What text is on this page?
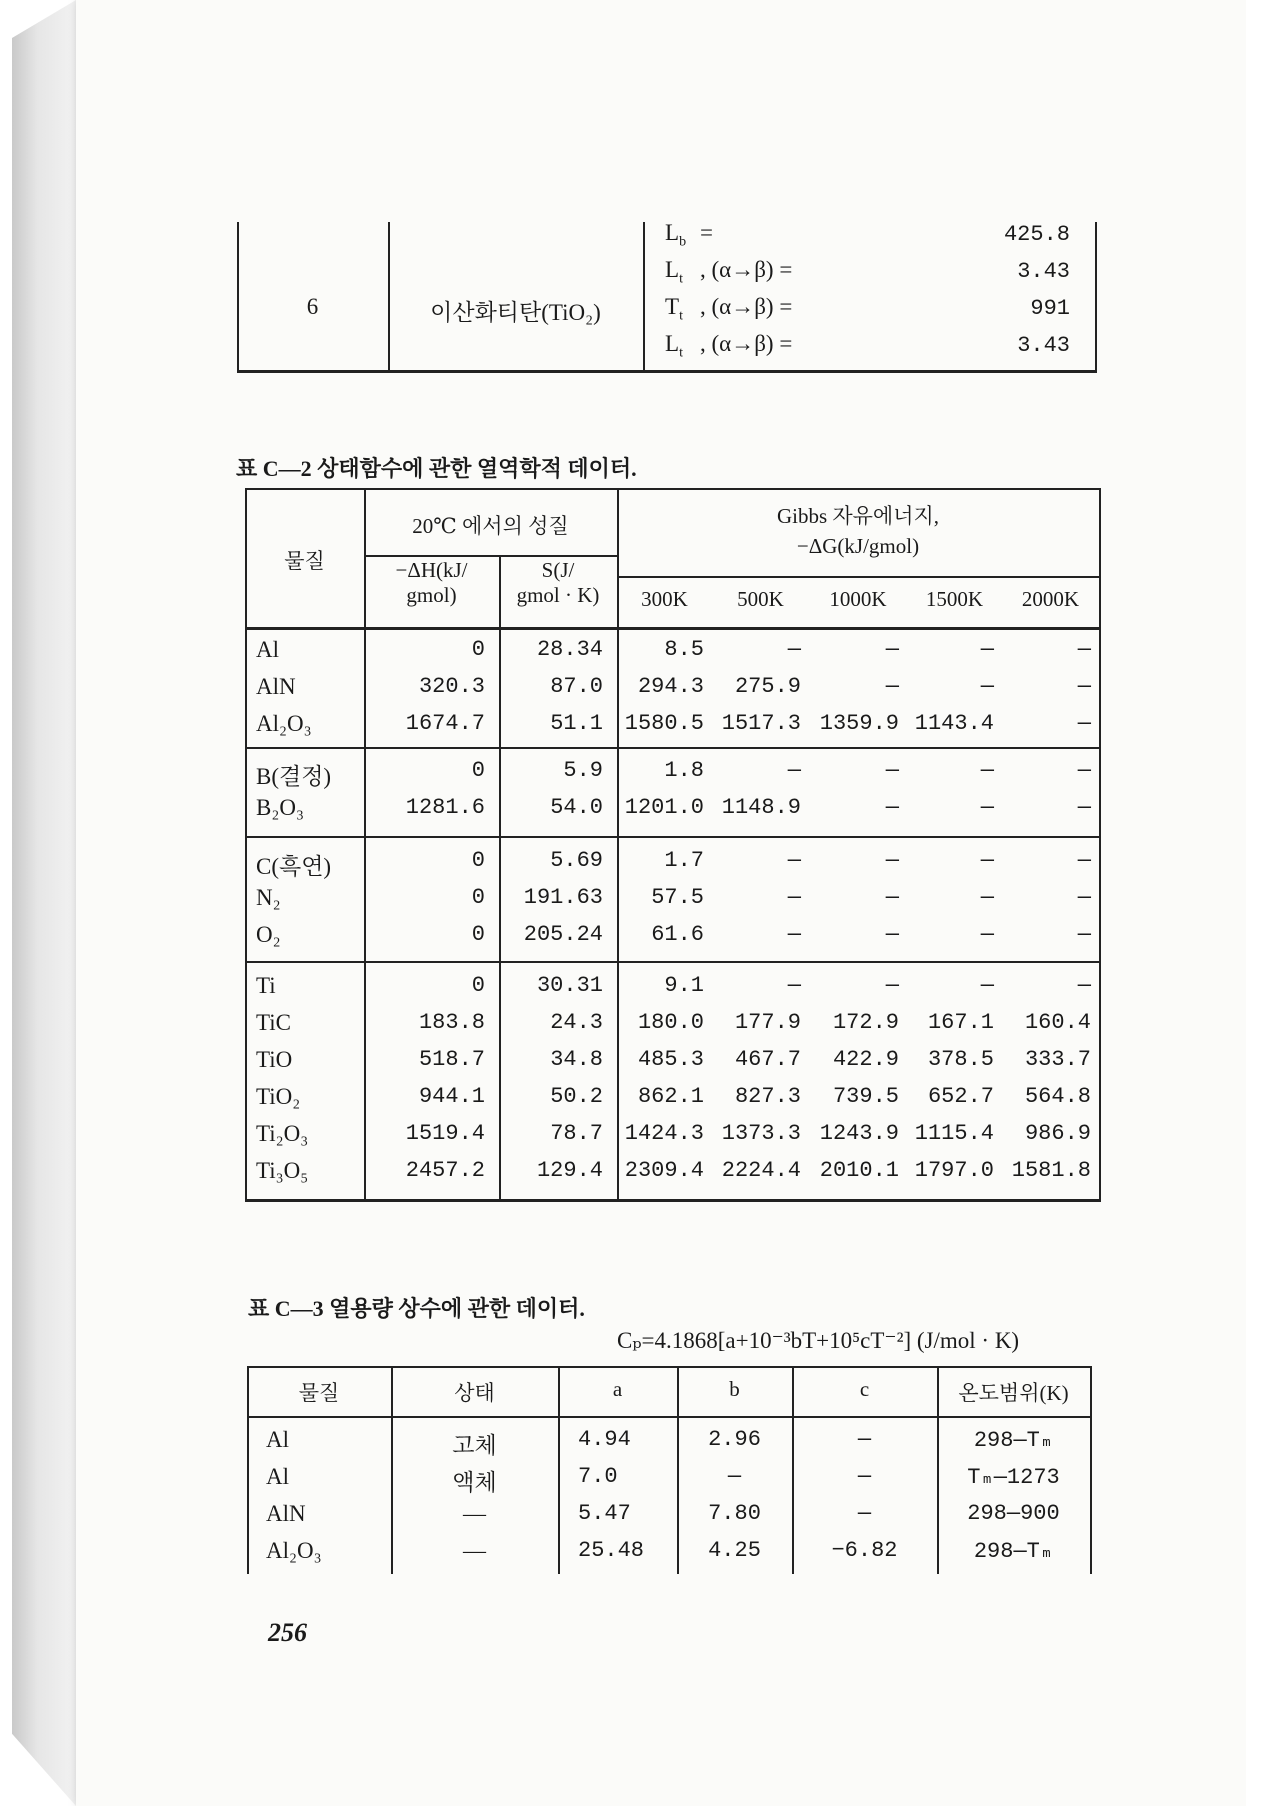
6	이산화티탄(TiO₂)
$L_b$ =	425.8
$L_t$ , (α→β) =	3.43
$T_t$ , (α→β) =	991
$L_t$ , (α→β) =	3.43
표 C—2 상태함수에 관한 열역학적 데이터.
물질
20℃ 에서의 성질
−ΔH(kJ/
gmol)
S(J/
gmol · K)
Gibbs 자유에너지,
−ΔG(kJ/gmol)
300K	500K	1000K	1500K	2000K
Al	0	28.34	8.5	—	—	—	—
AlN	320.3	87.0	294.3	275.9	—	—	—
Al₂O₃	1674.7	51.1 1580.5 1517.3 1359.9 1143.4	—
B(결정)	0	5.9	1.8	—	—	—	—
B₂O₃	1281.6	54.0 1201.0 1148.9	—	—	—
C(흑연)	0	5.69	1.7	—	—	—	—
N₂	0	191.63	57.5	—	—	—	—
O₂	0	205.24	61.6	—	—	—	—
Ti	0	30.31	9.1	—	—	—	—
TiC	183.8	24.3	180.0	177.9	172.9	167.1	160.4
TiO	518.7	34.8	485.3	467.7	422.9	378.5	333.7
TiO₂	944.1	50.2	862.1	827.3	739.5	652.7	564.8
Ti₂O₃	1519.4	78.7 1424.3 1373.3 1243.9 1115.4	986.9
Ti₃O₅	2457.2	129.4 2309.4 2224.4 2010.1 1797.0 1581.8
표 C—3 열용량 상수에 관한 데이터.
Cₚ=4.1868[a+10⁻³bT+10⁵cT⁻²] (J/mol · K)
물질	상태	a	b	c	온도범위(K)
Al	고체	4.94	2.96	—	298—Tₘ
Al	액체	7.0	—	—	Tₘ—1273
AlN	—	5.47	7.80	—	298—900
Al₂O₃	—	25.48	4.25	−6.82	298—Tₘ
256
